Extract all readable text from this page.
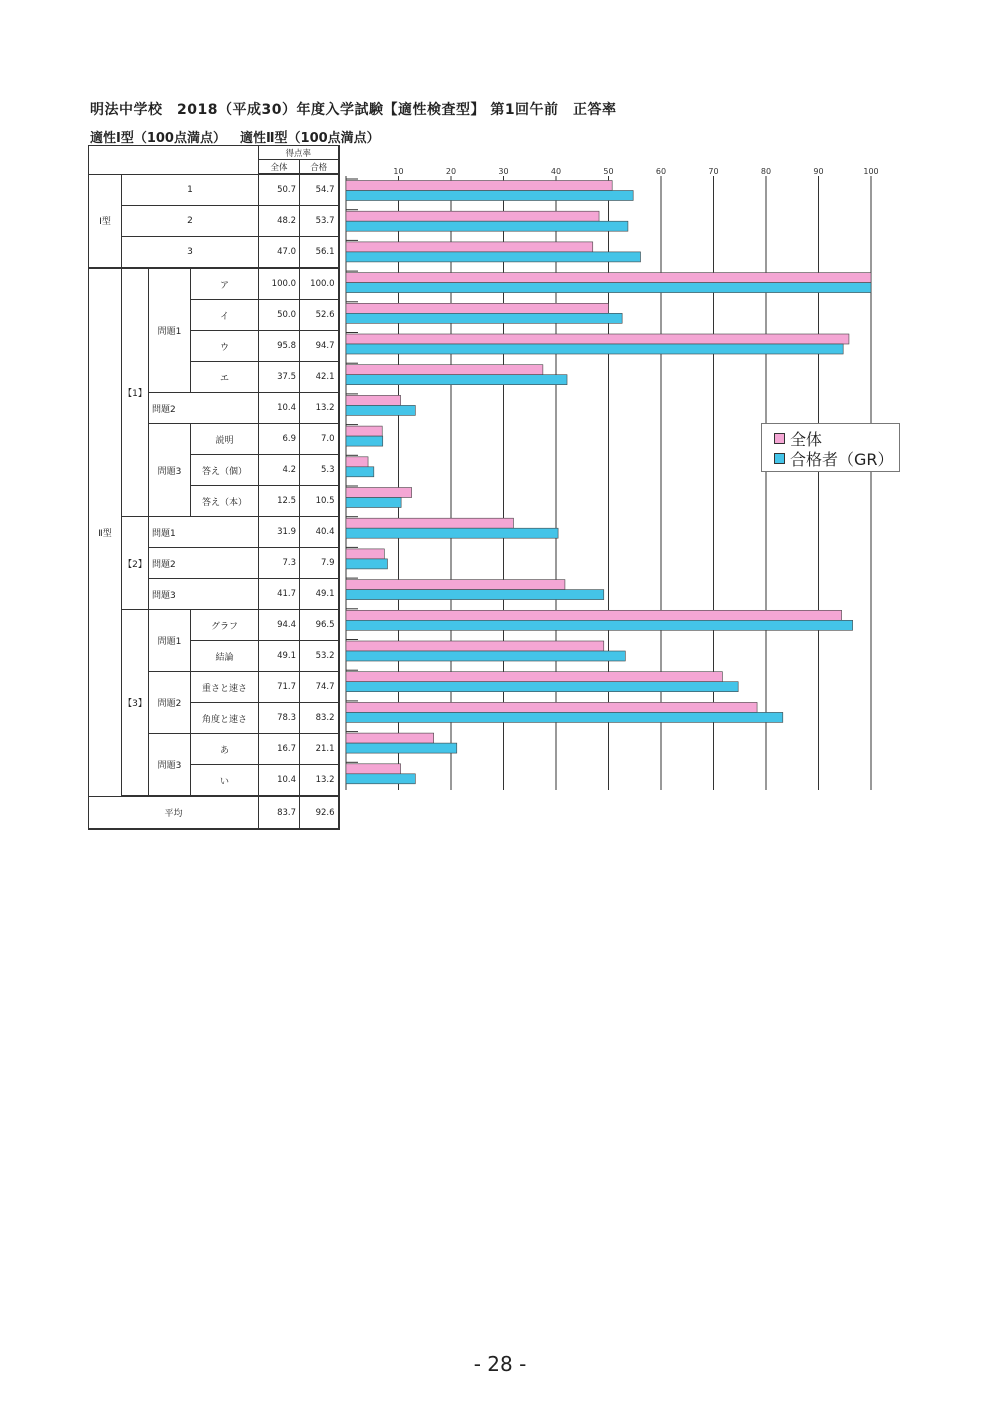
明法中学校　2018（平成30）年度入学試験【適性検査型】 第1回午前　正答率
適性Ⅰ型（100点満点） 適性Ⅱ型（100点満点）
				得点率	
				全体	合格
Ⅰ型	1			50.7	54.7
	2			48.2	53.7
	3			47.0	56.1
Ⅱ型	【1】	問題1	ア	100.0	100.0
			イ	50.0	52.6
			ウ	95.8	94.7
			エ	37.5	42.1
		問題2		10.4	13.2
		問題3	説明	6.9	7.0
			答え（個）	4.2	5.3
			答え（本）	12.5	10.5
	【2】	問題1		31.9	40.4
		問題2		7.3	7.9
		問題3		41.7	49.1
	【3】	問題1	グラフ	94.4	96.5
			結論	49.1	53.2
		問題2	重さと速さ	71.7	74.7
			角度と速さ	78.3	83.2
		問題3	あ	16.7	21.1
			い	10.4	13.2
平均				83.7	92.6
10	20	30	40	50	60	70	80	90	100
全体
合格者（GR）
- 28 -
